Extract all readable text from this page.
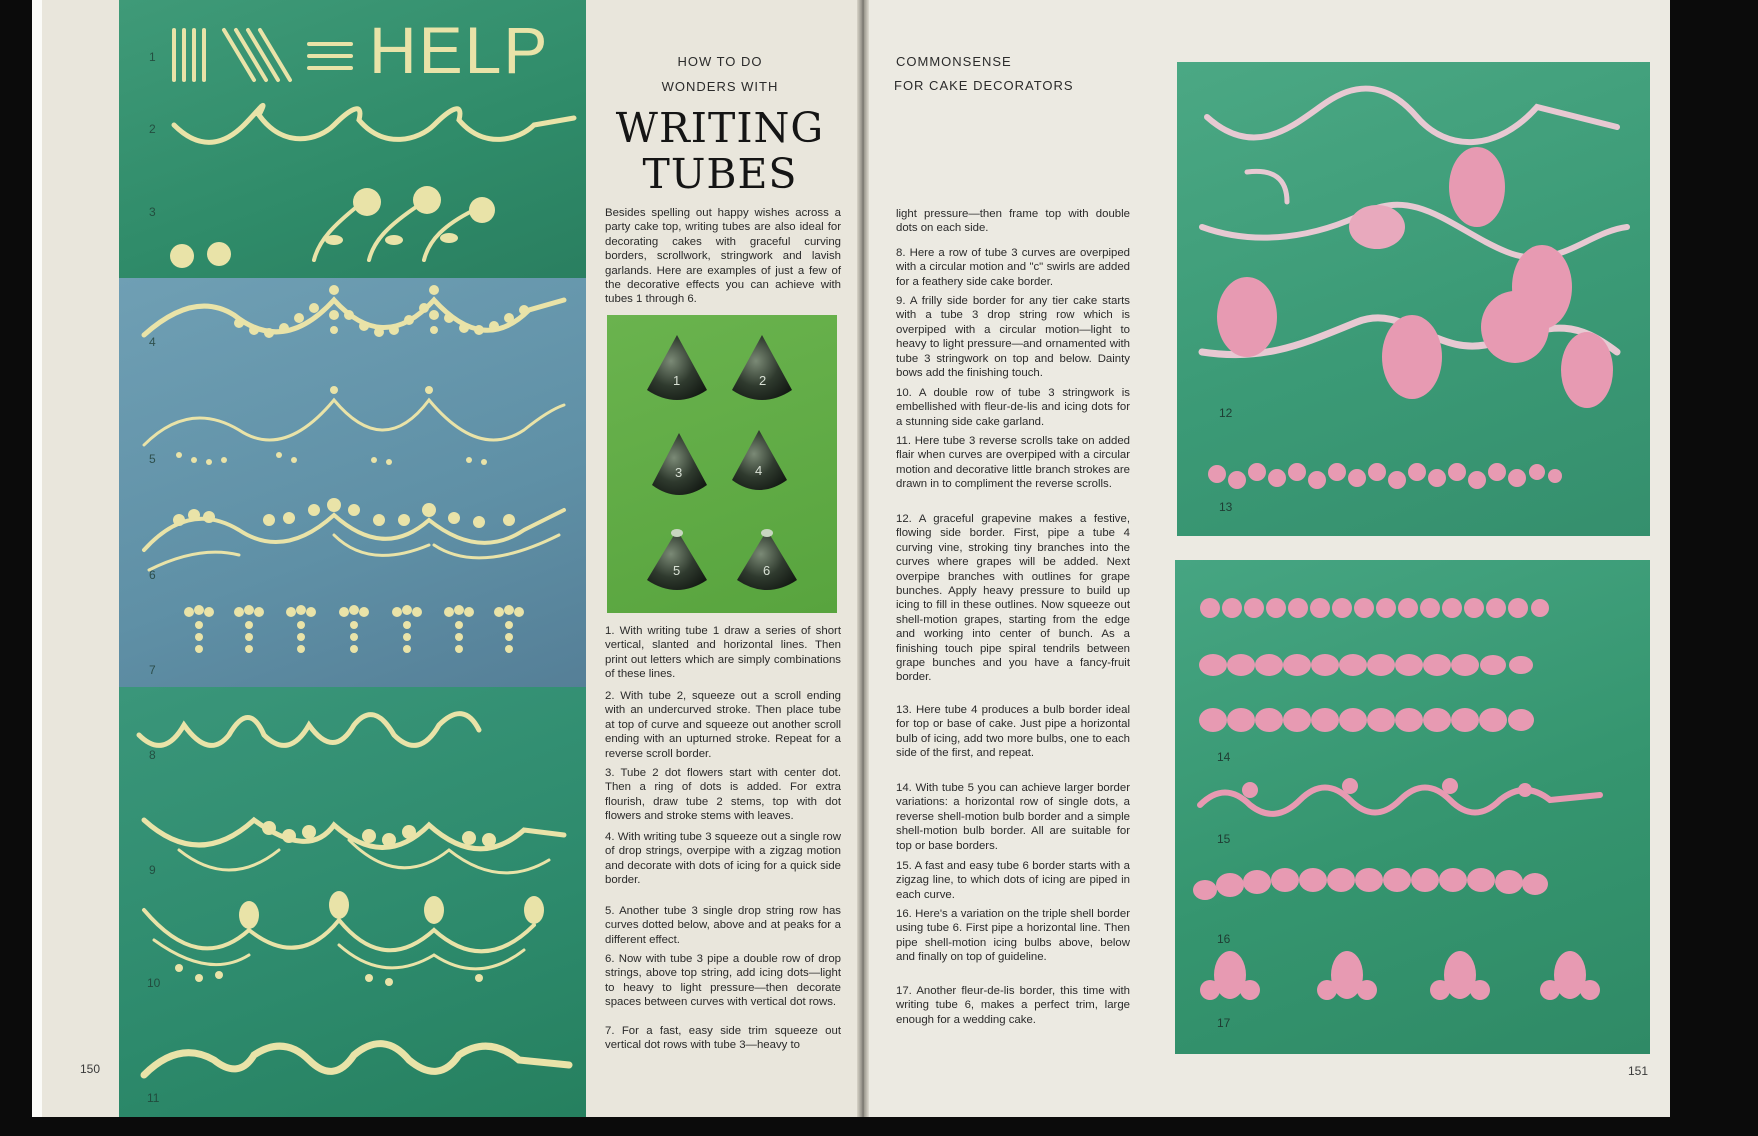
HELP
1
2
3
4
5
6
7
8
9
10
11
150
HOW TO DO
WONDERS WITH
WRITING
TUBES
Besides spelling out happy wishes across a party cake top, writing tubes are also ideal for decorating cakes with graceful curving borders, scrollwork, stringwork and lavish garlands. Here are examples of just a few of the decorative effects you can achieve with tubes 1 through 6.
1	2
3	4
5	6
1. With writing tube 1 draw a series of short vertical, slanted and horizontal lines. Then print out letters which are simply combinations of these lines.
2. With tube 2, squeeze out a scroll ending with an undercurved stroke. Then place tube at top of curve and squeeze out another scroll ending with an upturned stroke. Repeat for a reverse scroll border.
3. Tube 2 dot flowers start with center dot. Then a ring of dots is added. For extra flourish, draw tube 2 stems, top with dot flowers and stroke stems with leaves.
4. With writing tube 3 squeeze out a single row of drop strings, overpipe with a zigzag motion and decorate with dots of icing for a quick side border.
5. Another tube 3 single drop string row has curves dotted below, above and at peaks for a different effect.
6. Now with tube 3 pipe a double row of drop strings, above top string, add icing dots—light to heavy to light pressure—then decorate spaces between curves with vertical dot rows.
7. For a fast, easy side trim squeeze out vertical dot rows with tube 3—heavy to
COMMONSENSE
FOR CAKE DECORATORS
light pressure—then frame top with double dots on each side.
8. Here a row of tube 3 curves are overpiped with a circular motion and "c" swirls are added for a feathery side cake border.
9. A frilly side border for any tier cake starts with a tube 3 drop string row which is overpiped with a circular motion—light to heavy to light pressure—and ornamented with tube 3 stringwork on top and below. Dainty bows add the finishing touch.
10. A double row of tube 3 stringwork is embellished with fleur-de-lis and icing dots for a stunning side cake garland.
11. Here tube 3 reverse scrolls take on added flair when curves are overpiped with a circular motion and decorative little branch strokes are drawn in to compliment the reverse scrolls.
12. A graceful grapevine makes a festive, flowing side border. First, pipe a tube 4 curving vine, stroking tiny branches into the curves where grapes will be added. Next overpipe branches with outlines for grape bunches. Apply heavy pressure to build up icing to fill in these outlines. Now squeeze out shell-motion grapes, starting from the edge and working into center of bunch. As a finishing touch pipe spiral tendrils between grape bunches and you have a fancy-fruit border.
13. Here tube 4 produces a bulb border ideal for top or base of cake. Just pipe a horizontal bulb of icing, add two more bulbs, one to each side of the first, and repeat.
14. With tube 5 you can achieve larger border variations: a horizontal row of single dots, a reverse shell-motion bulb border and a simple shell-motion bulb border. All are suitable for top or base borders.
15. A fast and easy tube 6 border starts with a zigzag line, to which dots of icing are piped in each curve.
16. Here's a variation on the triple shell border using tube 6. First pipe a horizontal line. Then pipe shell-motion icing bulbs above, below and finally on top of guideline.
17. Another fleur-de-lis border, this time with writing tube 6, makes a perfect trim, large enough for a wedding cake.
12
13
14
15
16
17
151
